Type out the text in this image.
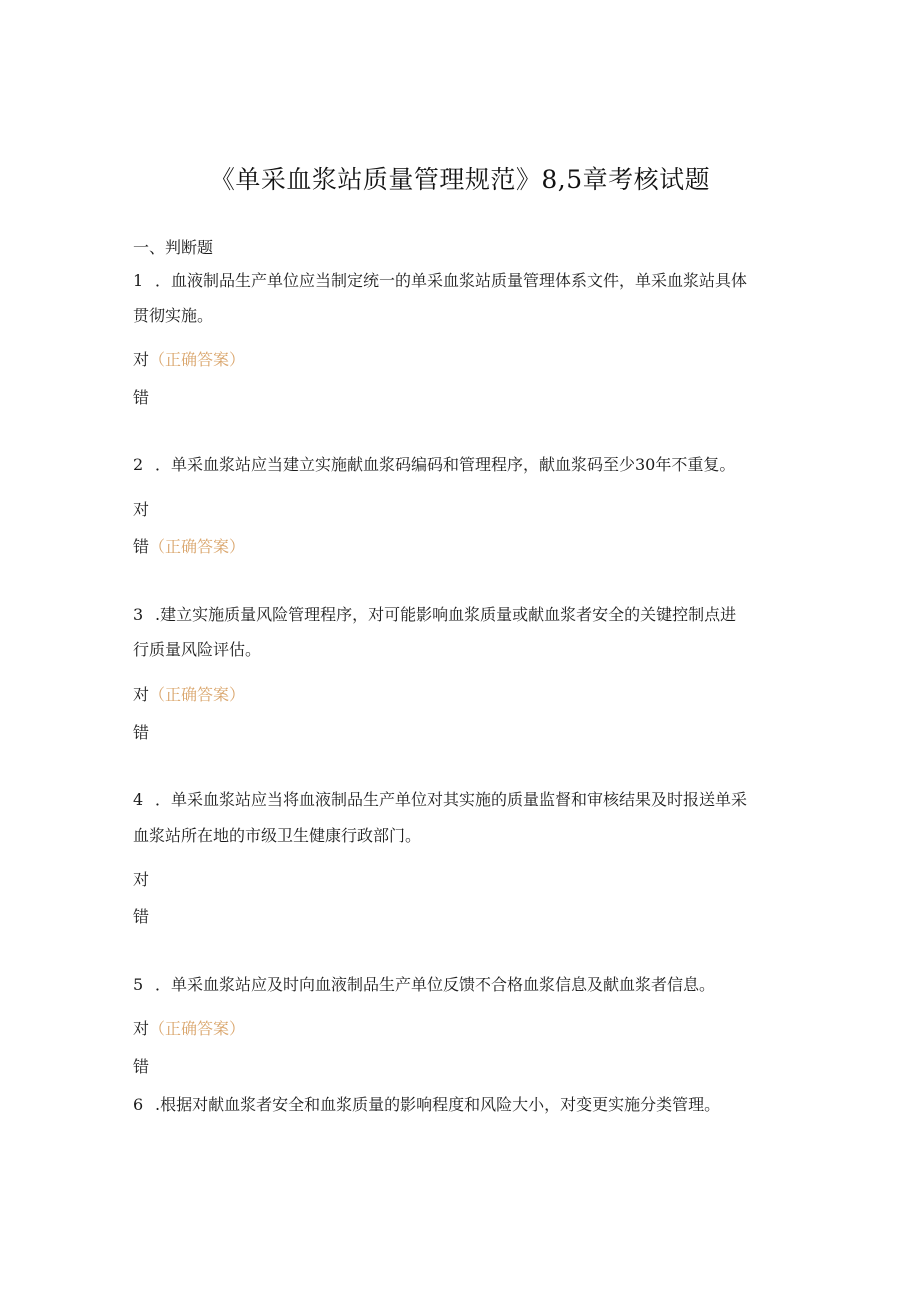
《单采血浆站质量管理规范》8,5章考核试题
一、判断题
1 ．血液制品生产单位应当制定统一的单采血浆站质量管理体系文件，单采血浆站具体
贯彻实施。
对（正确答案）
错
2 ．单采血浆站应当建立实施献血浆码编码和管理程序，献血浆码至少30年不重复。
对
错（正确答案）
3 .建立实施质量风险管理程序，对可能影响血浆质量或献血浆者安全的关键控制点进
行质量风险评估。
对（正确答案）
错
4 ．单采血浆站应当将血液制品生产单位对其实施的质量监督和审核结果及时报送单采
血浆站所在地的市级卫生健康行政部门。
对
错
5 ．单采血浆站应及时向血液制品生产单位反馈不合格血浆信息及献血浆者信息。
对（正确答案）
错
6 .根据对献血浆者安全和血浆质量的影响程度和风险大小，对变更实施分类管理。
